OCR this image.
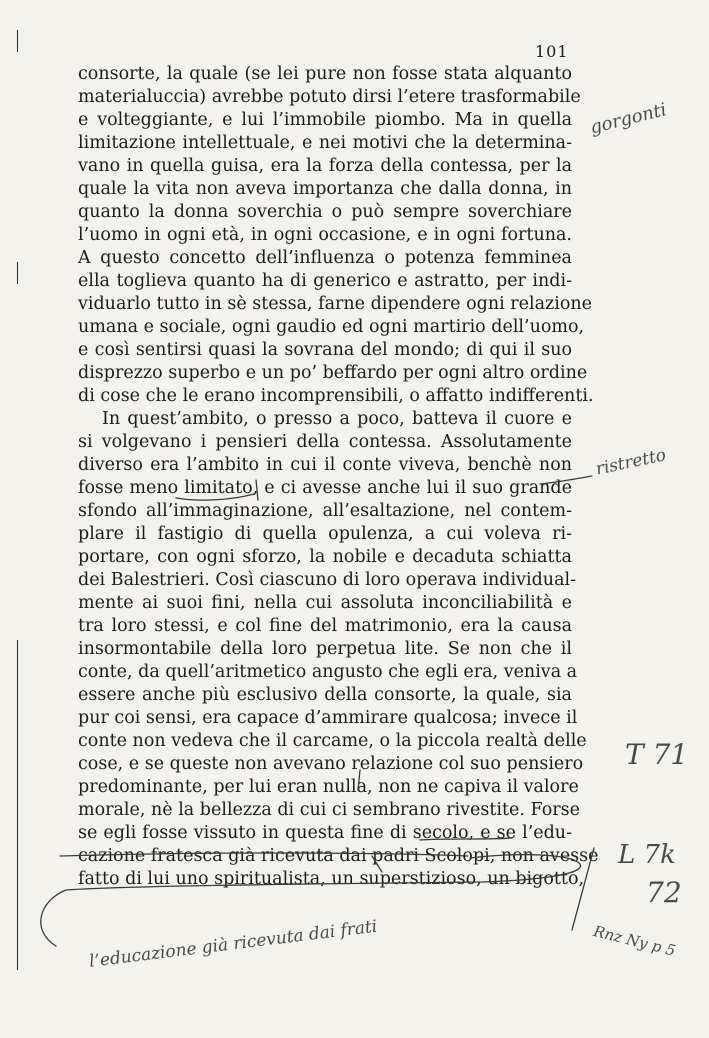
101
consorte, la quale (se lei pure non fosse stata alquanto
materialuccia) avrebbe potuto dirsi l’etere trasformabile
e volteggiante, e lui l’immobile piombo. Ma in quella
limitazione intellettuale, e nei motivi che la determina-
vano in quella guisa, era la forza della contessa, per la
quale la vita non aveva importanza che dalla donna, in
quanto la donna soverchia o può sempre soverchiare
l’uomo in ogni età, in ogni occasione, e in ogni fortuna.
A questo concetto dell’influenza o potenza femminea
ella toglieva quanto ha di generico e astratto, per indi-
viduarlo tutto in sè stessa, farne dipendere ogni relazione
umana e sociale, ogni gaudio ed ogni martirio dell’uomo,
e così sentirsi quasi la sovrana del mondo; di qui il suo
disprezzo superbo e un po’ beffardo per ogni altro ordine
di cose che le erano incomprensibili, o affatto indifferenti.
In quest’ambito, o presso a poco, batteva il cuore e
si volgevano i pensieri della contessa. Assolutamente
diverso era l’ambito in cui il conte viveva, benchè non
fosse meno limitato, e ci avesse anche lui il suo grande
sfondo all’immaginazione, all’esaltazione, nel contem-
plare il fastigio di quella opulenza, a cui voleva ri-
portare, con ogni sforzo, la nobile e decaduta schiatta
dei Balestrieri. Così ciascuno di loro operava individual-
mente ai suoi fini, nella cui assoluta inconciliabilità e
tra loro stessi, e col fine del matrimonio, era la causa
insormontabile della loro perpetua lite. Se non che il
conte, da quell’aritmetico angusto che egli era, veniva a
essere anche più esclusivo della consorte, la quale, sia
pur coi sensi, era capace d’ammirare qualcosa; invece il
conte non vedeva che il carcame, o la piccola realtà delle
cose, e se queste non avevano relazione col suo pensiero
predominante, per lui eran nulla, non ne capiva il valore
morale, nè la bellezza di cui ci sembrano rivestite. Forse
se egli fosse vissuto in questa fine di secolo, e se l’edu-
cazione fratesca già ricevuta dai padri Scolopi, non avesse
fatto di lui uno spiritualista, un superstizioso, un bigotto,
gorgonti
ristretto
T 71
L 7k
72
Rnz Ny p 5
l’educazione già ricevuta dai frati
